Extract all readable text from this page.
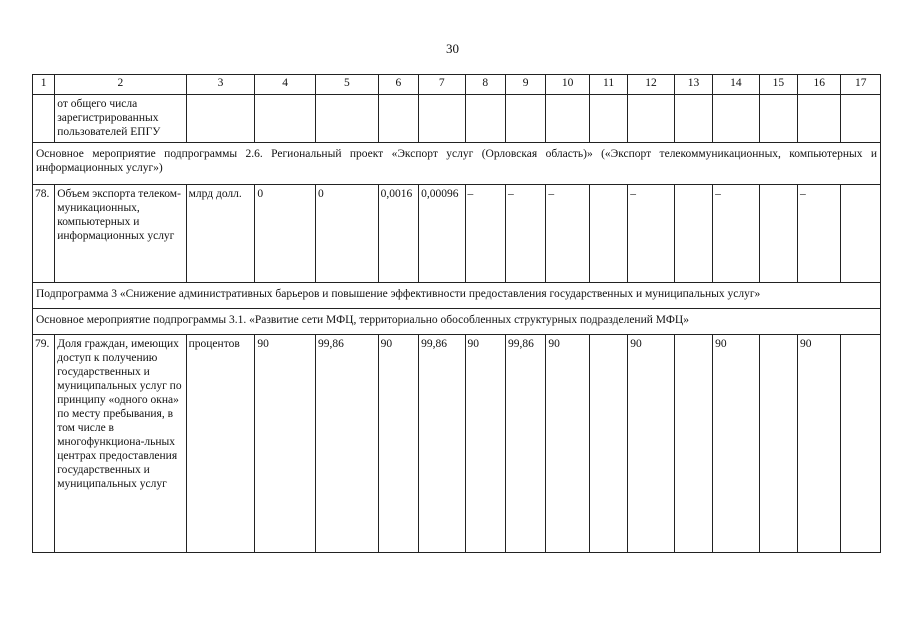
30
1	2	3	4	5	6	7	8	9	10	11	12	13	14	15	16	17
	от общего числа зарегистрированных пользователей ЕПГУ															
Основное мероприятие подпрограммы 2.6. Региональный проект «Экспорт услуг (Орловская область)» («Экспорт телекоммуникационных, компьютерных и информационных услуг»)																
78.	Объем экспорта телеком-муникационных, компьютерных и информационных услуг	млрд долл.	0	0	0,0016	0,00096	–	–	–		–		–		–	
Подпрограмма 3 «Снижение административных барьеров и повышение эффективности предоставления государственных и муниципальных услуг»																
Основное мероприятие подпрограммы 3.1. «Развитие сети МФЦ, территориально обособленных структурных подразделений МФЦ»																
79.	Доля граждан, имеющих доступ к получению государственных и муниципальных услуг по принципу «одного окна» по месту пребывания, в том числе в многофункциона-льных центрах предоставления государственных и муниципальных услуг	процентов	90	99,86	90	99,86	90	99,86	90		90		90		90	
